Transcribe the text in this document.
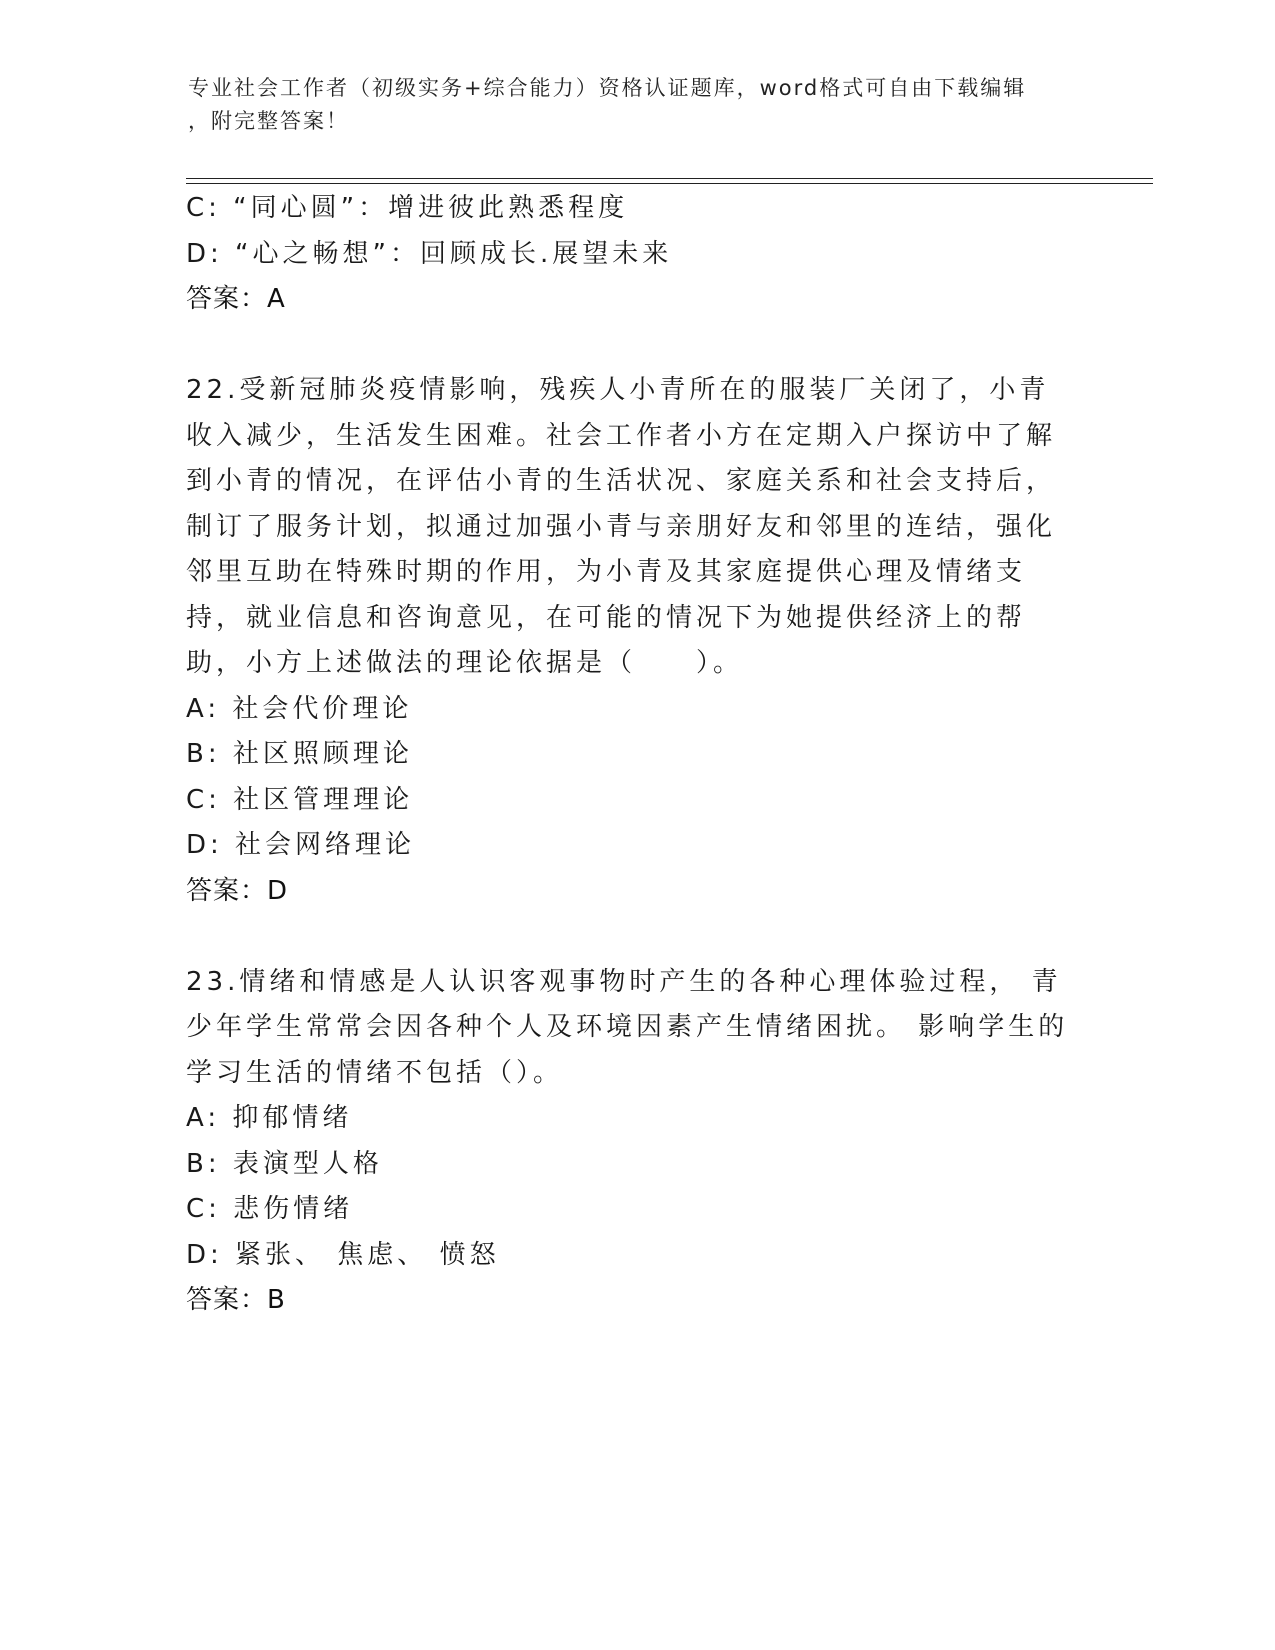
专业社会工作者（初级实务+综合能力）资格认证题库，word格式可自由下载编辑
，附完整答案！
C: “同心圆”：增进彼此熟悉程度
D: “心之畅想”：回顾成长.展望未来
答案：A
22.受新冠肺炎疫情影响，残疾人小青所在的服装厂关闭了，小青收入减少，生活发生困难。社会工作者小方在定期入户探访中了解到小青的情况，在评估小青的生活状况、家庭关系和社会支持后，制订了服务计划，拟通过加强小青与亲朋好友和邻里的连结，强化邻里互助在特殊时期的作用，为小青及其家庭提供心理及情绪支持，就业信息和咨询意见，在可能的情况下为她提供经济上的帮助，小方上述做法的理论依据是（　　）。
A: 社会代价理论
B: 社区照顾理论
C: 社区管理理论
D: 社会网络理论
答案：D
23.情绪和情感是人认识客观事物时产生的各种心理体验过程， 青少年学生常常会因各种个人及环境因素产生情绪困扰。 影响学生的学习生活的情绪不包括（）。
A: 抑郁情绪
B: 表演型人格
C: 悲伤情绪
D: 紧张、 焦虑、 愤怒
答案：B
